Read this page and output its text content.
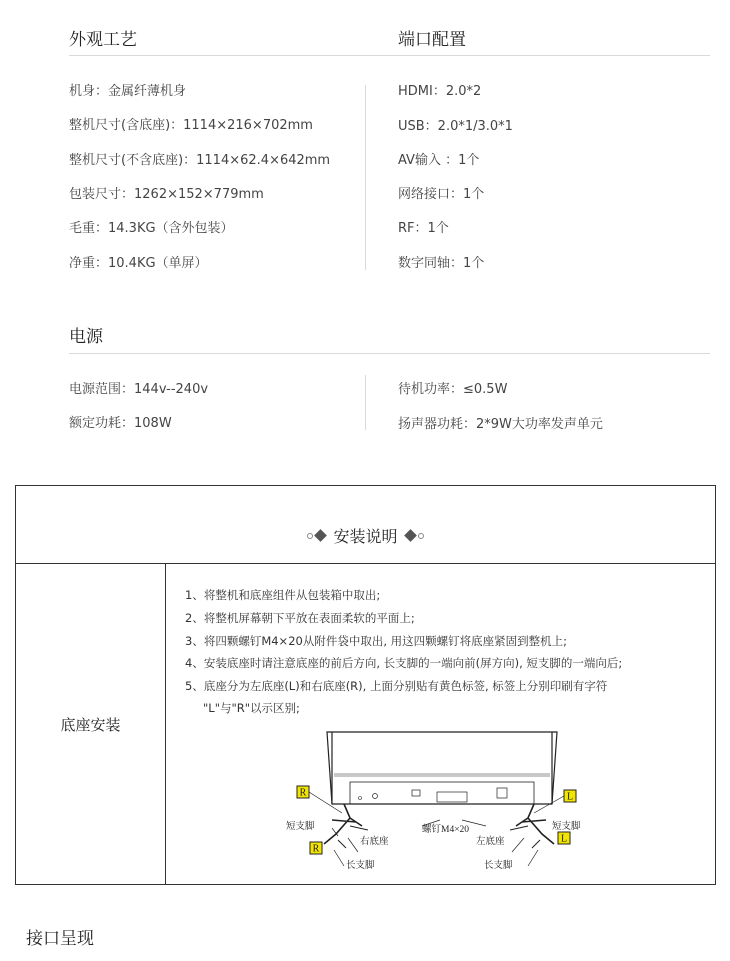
外观工艺	端口配置
机身：金属纤薄机身
整机尺寸(含底座)：1114×216×702mm
整机尺寸(不含底座)：1114×62.4×642mm
包装尺寸：1262×152×779mm
毛重：14.3KG（含外包装）
净重：10.4KG（单屏）
HDMI：2.0*2
USB：2.0*1/3.0*1
AV输入 ：1个
网络接口：1个
RF：1个
数字同轴：1个
电源
电源范围：144v--240v
额定功耗：108W
待机功率：≤0.5W
扬声器功耗：2*9W大功率发声单元
安装说明
底座安装
1、将整机和底座组件从包装箱中取出;
2、将整机屏幕朝下平放在表面柔软的平面上;
3、将四颗螺钉M4×20从附件袋中取出, 用这四颗螺钉将底座紧固到整机上;
4、安装底座时请注意底座的前后方向, 长支脚的一端向前(屏方向), 短支脚的一端向后;
5、底座分为左底座(L)和右底座(R), 上面分别贴有黄色标签, 标签上分别印刷有字符
"L"与"R"以示区别;
R	L
R
L
短支脚	短支脚
螺钉M4×20
右底座	左底座
长支脚	长支脚
接口呈现
